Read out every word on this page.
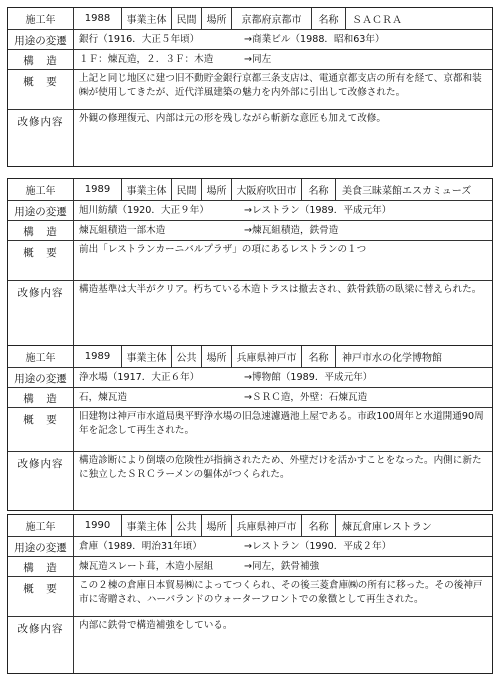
施工年	1988	事業主体	民間	場所	京都府京都市	名称	ＳＡＣＲＡ
用途の変遷	銀行（1916．大正５年頃）	→商業ビル（1988．昭和63年）
構　造	１Ｆ：煉瓦造，２．３Ｆ：木造	→同左
概　要	上記と同じ地区に建つ旧不動貯金銀行京都三条支店は、電通京都支店の所有を経て、京都和装㈱が使用してきたが、近代洋風建築の魅力を内外部に引出して改修された。
改修内容	外観の修理復元、内部は元の形を残しながら斬新な意匠も加えて改修。
施工年	1989	事業主体	民間	場所	大阪府吹田市	名称	美食三昧菜館エスカミューズ
用途の変遷	旭川紡績（1920．大正９年）	→レストラン（1989．平成元年）
構　造	煉瓦組積造一部木造	→煉瓦組積造，鉄骨造
概　要	前出「レストランカーニバルプラザ」の項にあるレストランの１つ
改修内容	構造基準は大半がクリア。朽ちている木造トラスは撤去され、鉄骨鉄筋の臥梁に替えられた。
施工年	1989	事業主体	公共	場所	兵庫県神戸市	名称	神戸市水の化学博物館
用途の変遷	浄水場（1917．大正６年）	→博物館（1989．平成元年）
構　造	石，煉瓦造	→ＳＲＣ造，外壁：石煉瓦造
概　要	旧建物は神戸市水道局奥平野浄水場の旧急速濾過池上屋である。市政100周年と水道開通90周年を記念して再生された。
改修内容	構造診断により倒壊の危険性が指摘されたため、外壁だけを活かすことをなった。内側に新たに独立したＳＲＣラーメンの軀体がつくられた。
施工年	1990	事業主体	公共	場所	兵庫県神戸市	名称	煉瓦倉庫レストラン
用途の変遷	倉庫（1989．明治31年頃）	→レストラン（1990．平成２年）
構　造	煉瓦造スレート葺，木造小屋組	→同左，鉄骨補強
概　要	この２棟の倉庫日本貿易㈱によってつくられ、その後三菱倉庫㈱の所有に移った。その後神戸市に寄贈され、ハーバランドのウォーターフロントでの象徴として再生された。
改修内容	内部に鉄骨で構造補強をしている。
